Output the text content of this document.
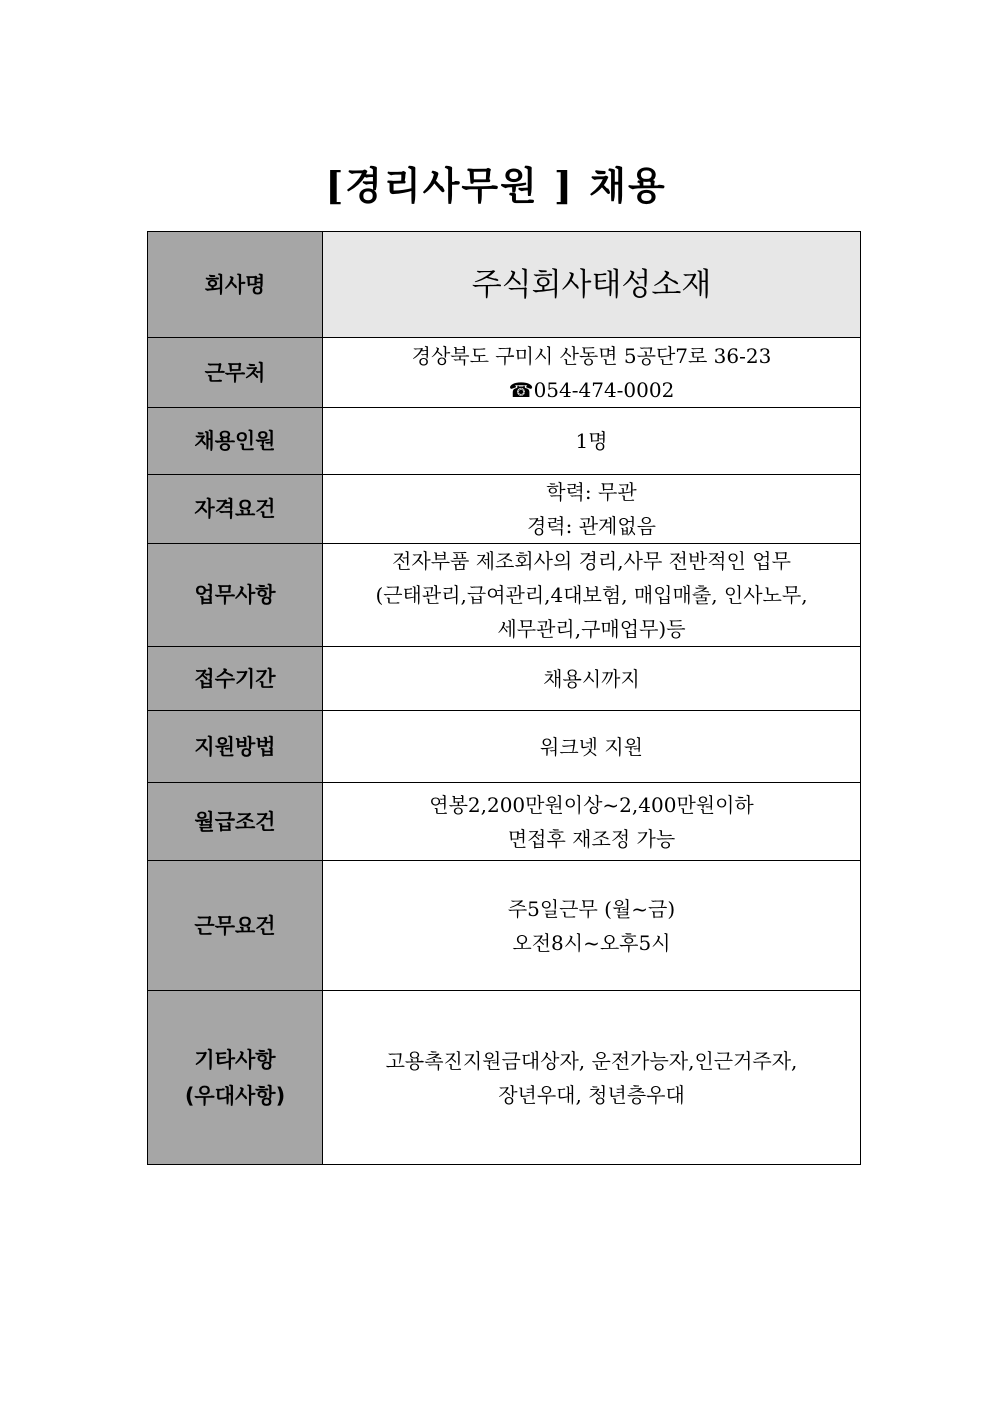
[경리사무원 ] 채용
회사명	주식회사태성소재

근무처	경상북도 구미시 산동면 5공단7로 36-23
☎054-474-0002

채용인원	1명

자격요건	학력: 무관
경력: 관계없음

업무사항	전자부품 제조회사의 경리,사무 전반적인 업무
(근태관리,급여관리,4대보험, 매입매출, 인사노무,
세무관리,구매업무)등

접수기간	채용시까지

지원방법	워크넷 지원

월급조건	연봉2,200만원이상~2,400만원이하
면접후 재조정 가능

근무요건	주5일근무 (월~금)
오전8시~오후5시

기타사항
(우대사항)	고용촉진지원금대상자, 운전가능자,인근거주자,
장년우대, 청년층우대
